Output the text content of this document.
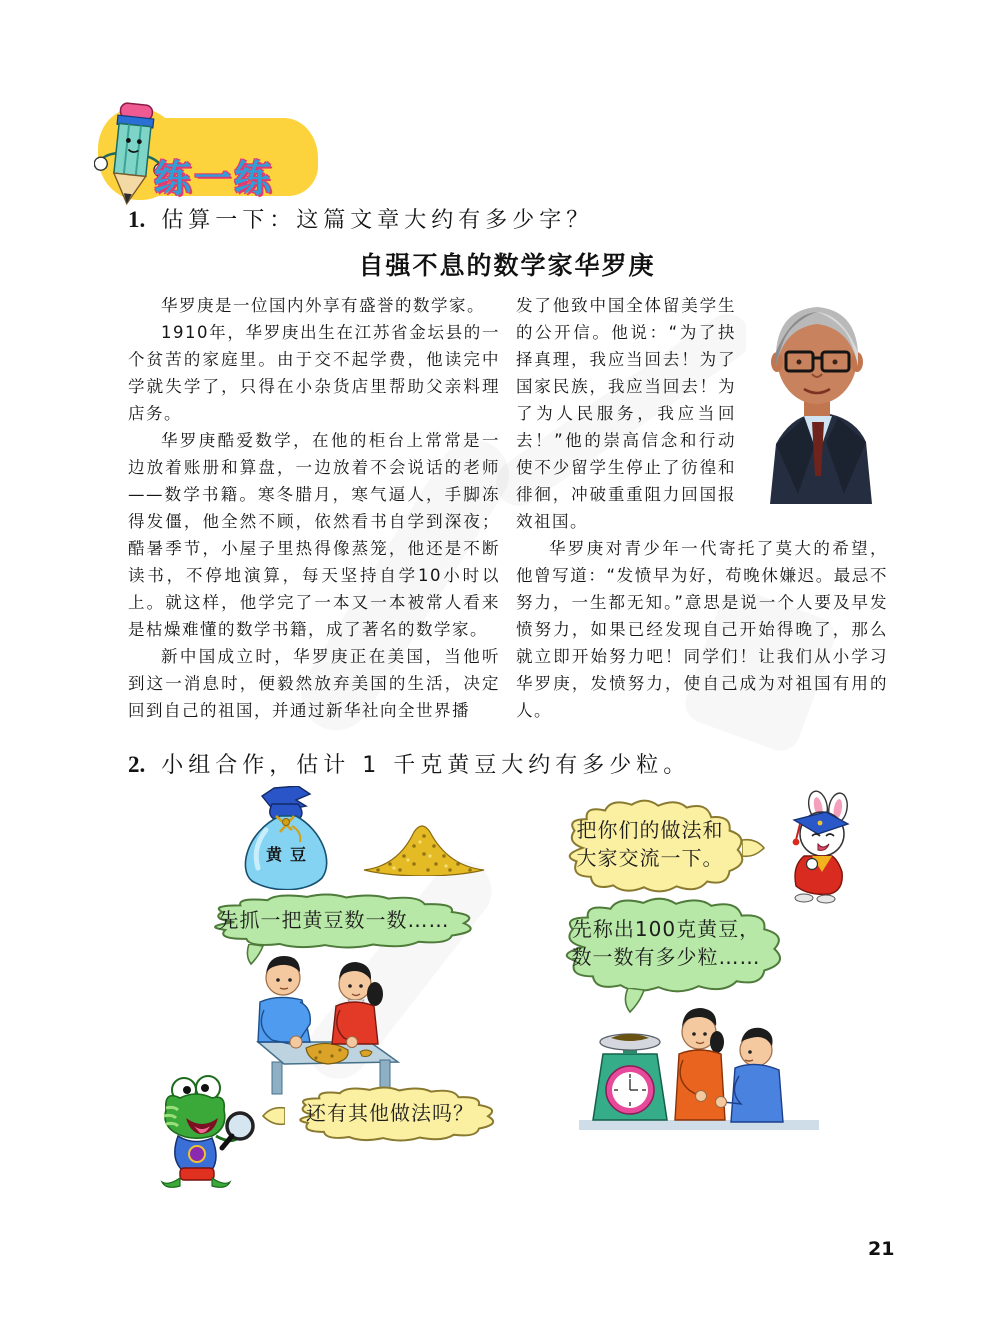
练一练
1. 估算一下：这篇文章大约有多少字？
自强不息的数学家华罗庚

华罗庚是一位国内外享有盛誉的数学家。

1910年，华罗庚出生在江苏省金坛县的一个贫苦的家庭里。由于交不起学费，他读完中学就失学了，只得在小杂货店里帮助父亲料理店务。

华罗庚酷爱数学，在他的柜台上常常是一边放着账册和算盘，一边放着不会说话的老师——数学书籍。寒冬腊月，寒气逼人，手脚冻得发僵，他全然不顾，依然看书自学到深夜；酷暑季节，小屋子里热得像蒸笼，他还是不断读书，不停地演算，每天坚持自学10小时以上。就这样，他学完了一本又一本被常人看来是枯燥难懂的数学书籍，成了著名的数学家。

新中国成立时，华罗庚正在美国，当他听到这一消息时，便毅然放弃美国的生活，决定回到自己的祖国，并通过新华社向全世界播

发了他致中国全体留美学生的公开信。他说：“为了抉择真理，我应当回去！为了国家民族，我应当回去！为了为人民服务，我应当回去！”他的崇高信念和行动使不少留学生停止了彷徨和徘徊，冲破重重阻力回国报效祖国。

华罗庚对青少年一代寄托了莫大的希望，他曾写道：“发愤早为好，苟晚休嫌迟。最忌不努力，一生都无知。”意思是说一个人要及早发愤努力，如果已经发现自己开始得晚了，那么就立即开始努力吧！同学们！让我们从小学习华罗庚，发愤努力，使自己成为对祖国有用的人。

2. 小组合作，估计 1 千克黄豆大约有多少粒。
黄豆
把你们的做法和大家交流一下。
先抓一把黄豆数一数……	先称出100克黄豆，数一数有多少粒……
还有其他做法吗？
21
